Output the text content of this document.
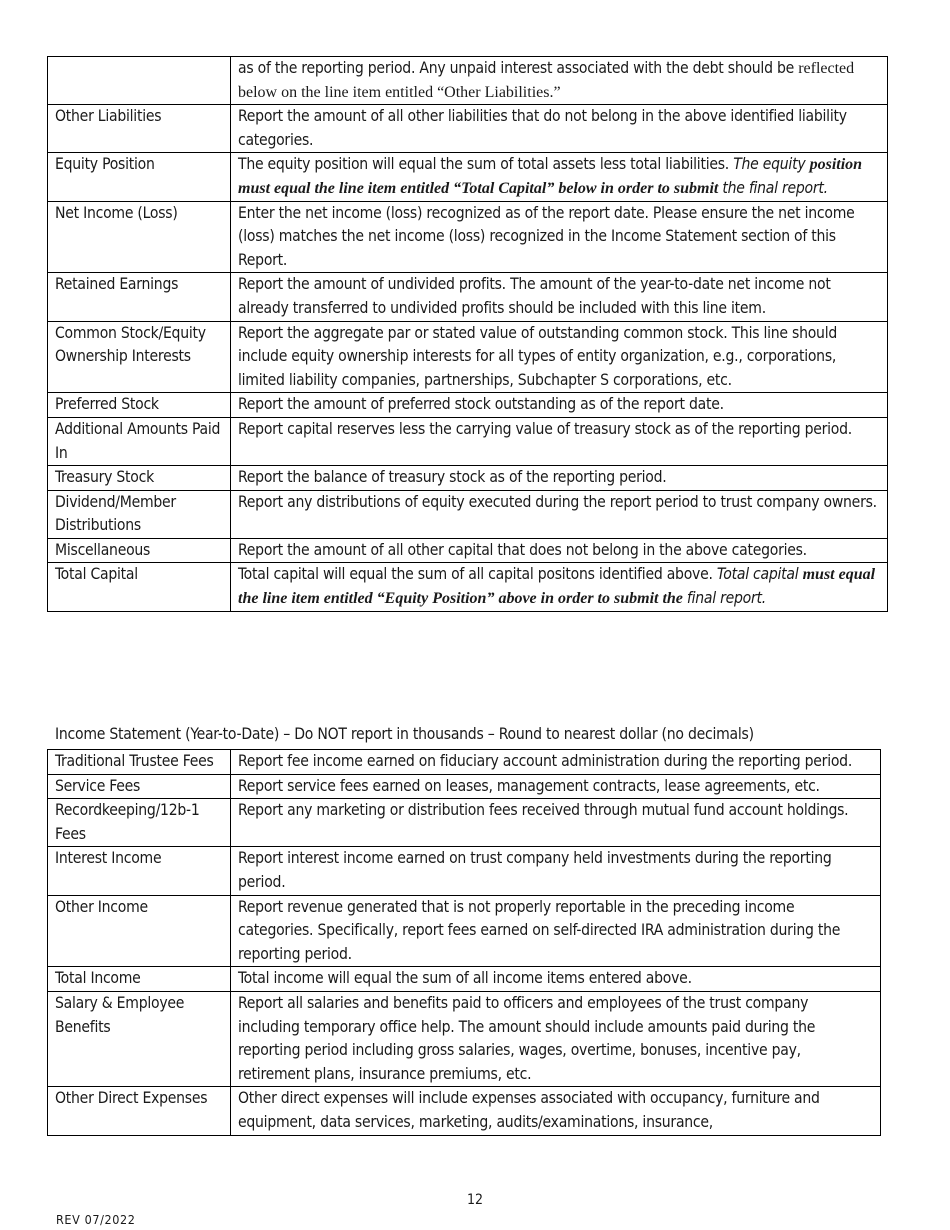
	as of the reporting period. Any unpaid interest associated with the debt should be reflected below on the line item entitled “Other Liabilities.”
Other Liabilities	Report the amount of all other liabilities that do not belong in the above identified liability categories.
Equity Position	The equity position will equal the sum of total assets less total liabilities. The equity position must equal the line item entitled “Total Capital” below in order to submit the final report.
Net Income (Loss)	Enter the net income (loss) recognized as of the report date. Please ensure the net income (loss) matches the net income (loss) recognized in the Income Statement section of this Report.
Retained Earnings	Report the amount of undivided profits. The amount of the year-to-date net income not already transferred to undivided profits should be included with this line item.
Common Stock/Equity Ownership Interests	Report the aggregate par or stated value of outstanding common stock. This line should include equity ownership interests for all types of entity organization, e.g., corporations, limited liability companies, partnerships, Subchapter S corporations, etc.
Preferred Stock	Report the amount of preferred stock outstanding as of the report date.
Additional Amounts Paid In	Report capital reserves less the carrying value of treasury stock as of the reporting period.
Treasury Stock	Report the balance of treasury stock as of the reporting period.
Dividend/Member Distributions	Report any distributions of equity executed during the report period to trust company owners.
Miscellaneous	Report the amount of all other capital that does not belong in the above categories.
Total Capital	Total capital will equal the sum of all capital positons identified above. Total capital must equal the line item entitled “Equity Position” above in order to submit the final report.
Income Statement (Year-to-Date) – Do NOT report in thousands – Round to nearest dollar (no decimals)
Traditional Trustee Fees	Report fee income earned on fiduciary account administration during the reporting period.
Service Fees	Report service fees earned on leases, management contracts, lease agreements, etc.
Recordkeeping/12b-1 Fees	Report any marketing or distribution fees received through mutual fund account holdings.
Interest Income	Report interest income earned on trust company held investments during the reporting period.
Other Income	Report revenue generated that is not properly reportable in the preceding income categories. Specifically, report fees earned on self-directed IRA administration during the reporting period.
Total Income	Total income will equal the sum of all income items entered above.
Salary & Employee Benefits	Report all salaries and benefits paid to officers and employees of the trust company including temporary office help. The amount should include amounts paid during the reporting period including gross salaries, wages, overtime, bonuses, incentive pay, retirement plans, insurance premiums, etc.
Other Direct Expenses	Other direct expenses will include expenses associated with occupancy, furniture and equipment, data services, marketing, audits/examinations, insurance,
12
REV 07/2022
